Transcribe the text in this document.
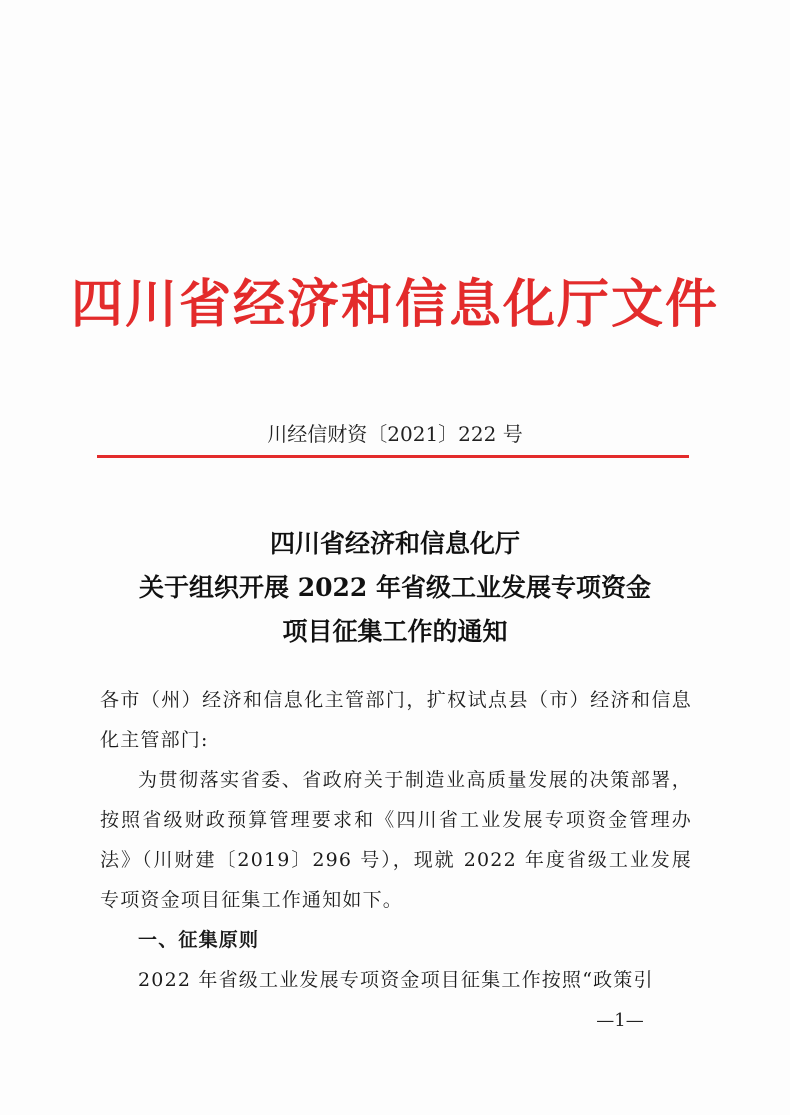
四川省经济和信息化厅文件
川经信财资〔2021〕222 号
四川省经济和信息化厅
关于组织开展 2022 年省级工业发展专项资金
项目征集工作的通知

各市（州）经济和信息化主管部门，扩权试点县（市）经济和信息化主管部门:

为贯彻落实省委、省政府关于制造业高质量发展的决策部署，按照省级财政预算管理要求和《四川省工业发展专项资金管理办法》（川财建〔2019〕296 号），现就 2022 年度省级工业发展专项资金项目征集工作通知如下。

一、征集原则

2022 年省级工业发展专项资金项目征集工作按照“政策引

—1—
